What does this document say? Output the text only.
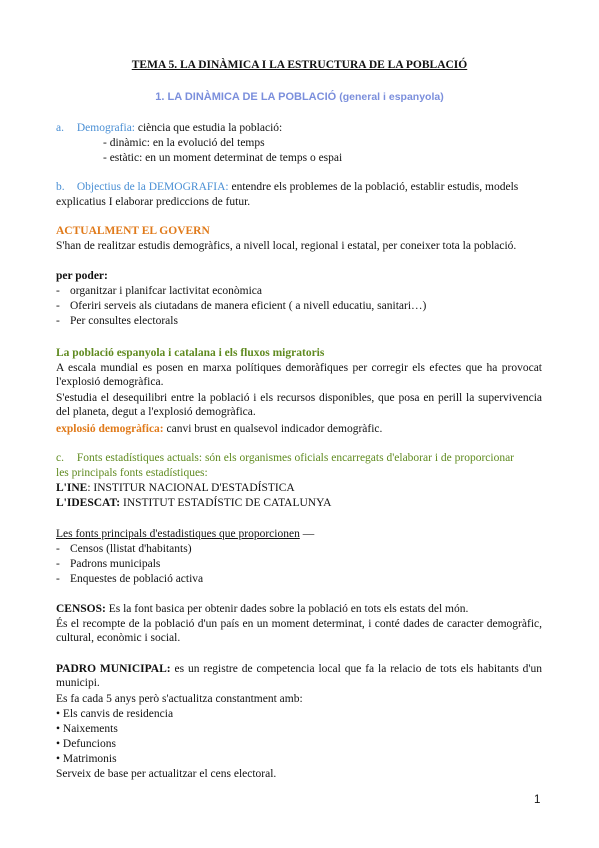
TEMA 5. LA DINÀMICA I LA ESTRUCTURA DE LA POBLACIÓ
1. LA DINÀMICA DE LA POBLACIÓ (general i espanyola)
a. Demografia: ciència que estudia la població:
- dinàmic: en la evolució del temps
- estàtic: en un moment determinat de temps o espai
b. Objectius de la DEMOGRAFIA: entendre els problemes de la població, establir estudis, models
explicatius I elaborar prediccions de futur.
ACTUALMENT EL GOVERN
S'han de realitzar estudis demogràfics, a nivell local, regional i estatal, per coneixer tota la població.
per poder:
- organitzar i planifcar lactivitat econòmica
- Oferiri serveis als ciutadans de manera eficient ( a nivell educatiu, sanitari…)
- Per consultes electorals
La població espanyola i catalana i els fluxos migratoris
A escala mundial es posen en marxa polítiques demoràfiques per corregir els efectes que ha provocat l'explosió demogràfica.
S'estudia el desequilibri entre la població i els recursos disponibles, que posa en perill la supervivencia del planeta, degut a l'explosió demogràfica.
explosió demogràfica: canvi brust en qualsevol indicador demogràfic.
c. Fonts estadístiques actuals: són els organismes oficials encarregats d'elaborar i de proporcionar
les principals fonts estadístiques:
L'INE: INSTITUR NACIONAL D'ESTADÍSTICA
L'IDESCAT: INSTITUT ESTADÍSTIC DE CATALUNYA
Les fonts principals d'estadistiques que proporcionen —
- Censos (llistat d'habitants)
- Padrons municipals
- Enquestes de població activa
CENSOS: Es la font basica per obtenir dades sobre la població en tots els estats del món.
És el recompte de la població d'un país en un moment determinat, i conté dades de caracter demogràfic, cultural, econòmic i social.
PADRO MUNICIPAL: es un registre de competencia local que fa la relacio de tots els habitants d'un municipi.
Es fa cada 5 anys però s'actualitza constantment amb:
• Els canvis de residencia
• Naixements
• Defuncions
• Matrimonis
Serveix de base per actualitzar el cens electoral.
1
